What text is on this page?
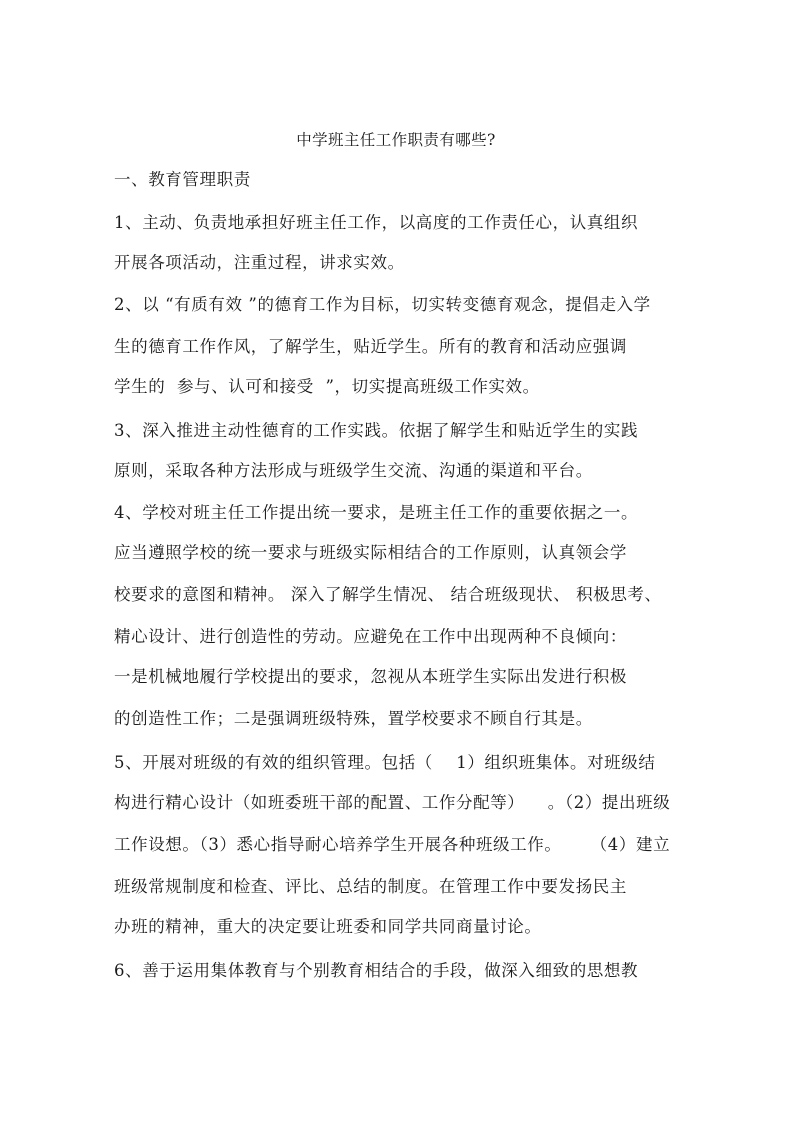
中学班主任工作职责有哪些?
一、教育管理职责
1、主动、负责地承担好班主任工作，以高度的工作责任心，认真组织
开展各项活动，注重过程，讲求实效。
2、以 “有质有效 ”的德育工作为目标，切实转变德育观念，提倡走入学
生的德育工作作风，了解学生，贴近学生。所有的教育和活动应强调
学生的  参与、认可和接受  ”，切实提高班级工作实效。
3、深入推进主动性德育的工作实践。依据了解学生和贴近学生的实践
原则，采取各种方法形成与班级学生交流、沟通的渠道和平台。
4、学校对班主任工作提出统一要求，是班主任工作的重要依据之一。
应当遵照学校的统一要求与班级实际相结合的工作原则，认真领会学
校要求的意图和精神。 深入了解学生情况、 结合班级现状、 积极思考、
精心设计、进行创造性的劳动。应避免在工作中出现两种不良倾向：
一是机械地履行学校提出的要求，忽视从本班学生实际出发进行积极
的创造性工作；二是强调班级特殊，置学校要求不顾自行其是。
5、开展对班级的有效的组织管理。包括（    1）组织班集体。对班级结
构进行精心设计（如班委班干部的配置、工作分配等）    。（2）提出班级
工作设想。（3）悉心指导耐心培养学生开展各种班级工作。     （4）建立
班级常规制度和检查、评比、总结的制度。在管理工作中要发扬民主
办班的精神，重大的决定要让班委和同学共同商量讨论。
6、善于运用集体教育与个别教育相结合的手段，做深入细致的思想教
